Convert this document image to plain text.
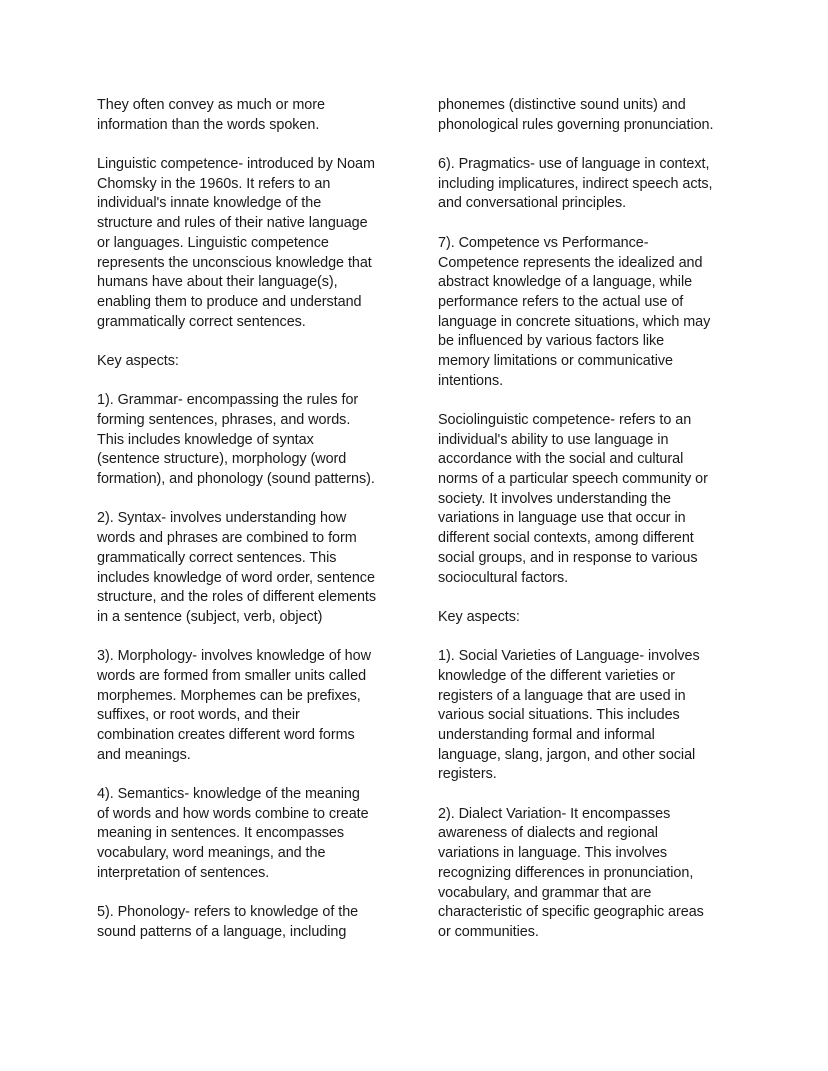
They often convey as much or more
information than the words spoken.
Linguistic competence- introduced by Noam
Chomsky in the 1960s. It refers to an
individual's innate knowledge of the
structure and rules of their native language
or languages. Linguistic competence
represents the unconscious knowledge that
humans have about their language(s),
enabling them to produce and understand
grammatically correct sentences.
Key aspects:
1). Grammar- encompassing the rules for
forming sentences, phrases, and words.
This includes knowledge of syntax
(sentence structure), morphology (word
formation), and phonology (sound patterns).
2). Syntax- involves understanding how
words and phrases are combined to form
grammatically correct sentences. This
includes knowledge of word order, sentence
structure, and the roles of different elements
in a sentence (subject, verb, object)
3). Morphology- involves knowledge of how
words are formed from smaller units called
morphemes. Morphemes can be prefixes,
suffixes, or root words, and their
combination creates different word forms
and meanings.
4). Semantics- knowledge of the meaning
of words and how words combine to create
meaning in sentences. It encompasses
vocabulary, word meanings, and the
interpretation of sentences.
5). Phonology- refers to knowledge of the
sound patterns of a language, including
phonemes (distinctive sound units) and
phonological rules governing pronunciation.
6). Pragmatics- use of language in context,
including implicatures, indirect speech acts,
and conversational principles.
7). Competence vs Performance-
Competence represents the idealized and
abstract knowledge of a language, while
performance refers to the actual use of
language in concrete situations, which may
be influenced by various factors like
memory limitations or communicative
intentions.
Sociolinguistic competence- refers to an
individual's ability to use language in
accordance with the social and cultural
norms of a particular speech community or
society. It involves understanding the
variations in language use that occur in
different social contexts, among different
social groups, and in response to various
sociocultural factors.
Key aspects:
1). Social Varieties of Language- involves
knowledge of the different varieties or
registers of a language that are used in
various social situations. This includes
understanding formal and informal
language, slang, jargon, and other social
registers.
2). Dialect Variation- It encompasses
awareness of dialects and regional
variations in language. This involves
recognizing differences in pronunciation,
vocabulary, and grammar that are
characteristic of specific geographic areas
or communities.
